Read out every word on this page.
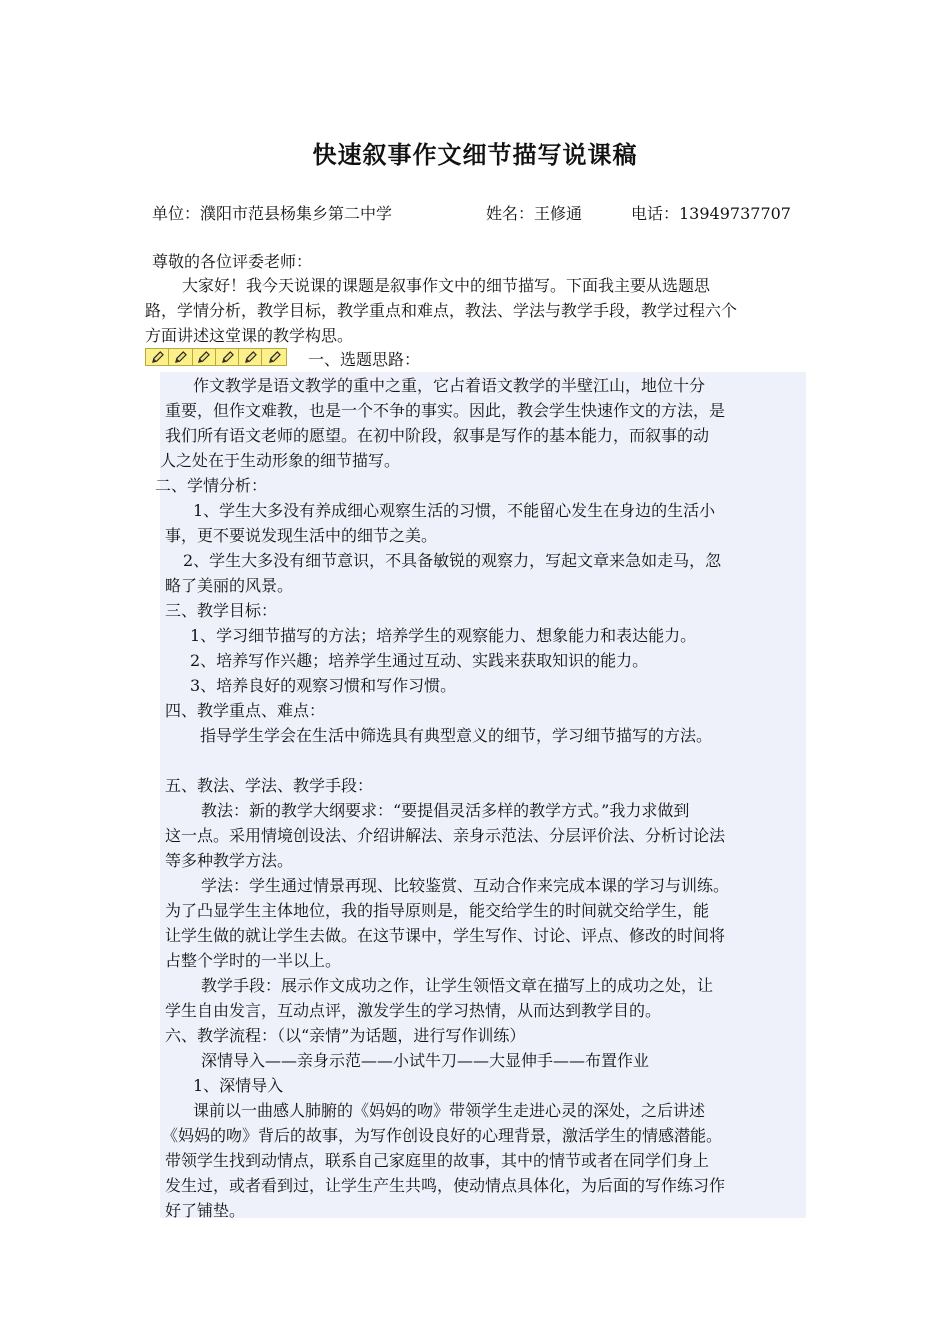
快速叙事作文细节描写说课稿
单位：濮阳市范县杨集乡第二中学	姓名：王修通	电话：13949737707
尊敬的各位评委老师：
大家好！我今天说课的课题是叙事作文中的细节描写。下面我主要从选题思
路，学情分析，教学目标，教学重点和难点，教法、学法与教学手段，教学过程六个
方面讲述这堂课的教学构思。
一、选题思路：
作文教学是语文教学的重中之重，它占着语文教学的半壁江山，地位十分
重要，但作文难教，也是一个不争的事实。因此，教会学生快速作文的方法，是
我们所有语文老师的愿望。在初中阶段，叙事是写作的基本能力，而叙事的动
人之处在于生动形象的细节描写。
二、学情分析：
1、学生大多没有养成细心观察生活的习惯，不能留心发生在身边的生活小
事，更不要说发现生活中的细节之美。
2、学生大多没有细节意识，不具备敏锐的观察力，写起文章来急如走马，忽
略了美丽的风景。
三、教学目标：
1、学习细节描写的方法；培养学生的观察能力、想象能力和表达能力。
2、培养写作兴趣；培养学生通过互动、实践来获取知识的能力。
3、培养良好的观察习惯和写作习惯。
四、教学重点、难点：
指导学生学会在生活中筛选具有典型意义的细节，学习细节描写的方法。
五、教法、学法、教学手段：
教法：新的教学大纲要求：“要提倡灵活多样的教学方式。”我力求做到
这一点。采用情境创设法、介绍讲解法、亲身示范法、分层评价法、分析讨论法
等多种教学方法。
学法：学生通过情景再现、比较鉴赏、互动合作来完成本课的学习与训练。
为了凸显学生主体地位，我的指导原则是，能交给学生的时间就交给学生，能
让学生做的就让学生去做。在这节课中，学生写作、讨论、评点、修改的时间将
占整个学时的一半以上。
教学手段：展示作文成功之作，让学生领悟文章在描写上的成功之处，让
学生自由发言，互动点评，激发学生的学习热情，从而达到教学目的。
六、教学流程：（以“亲情”为话题，进行写作训练）
深情导入——亲身示范——小试牛刀——大显伸手——布置作业
1、深情导入
课前以一曲感人肺腑的《妈妈的吻》带领学生走进心灵的深处，之后讲述
《妈妈的吻》背后的故事，为写作创设良好的心理背景，激活学生的情感潜能。
带领学生找到动情点，联系自己家庭里的故事，其中的情节或者在同学们身上
发生过，或者看到过，让学生产生共鸣，使动情点具体化，为后面的写作练习作
好了铺垫。
